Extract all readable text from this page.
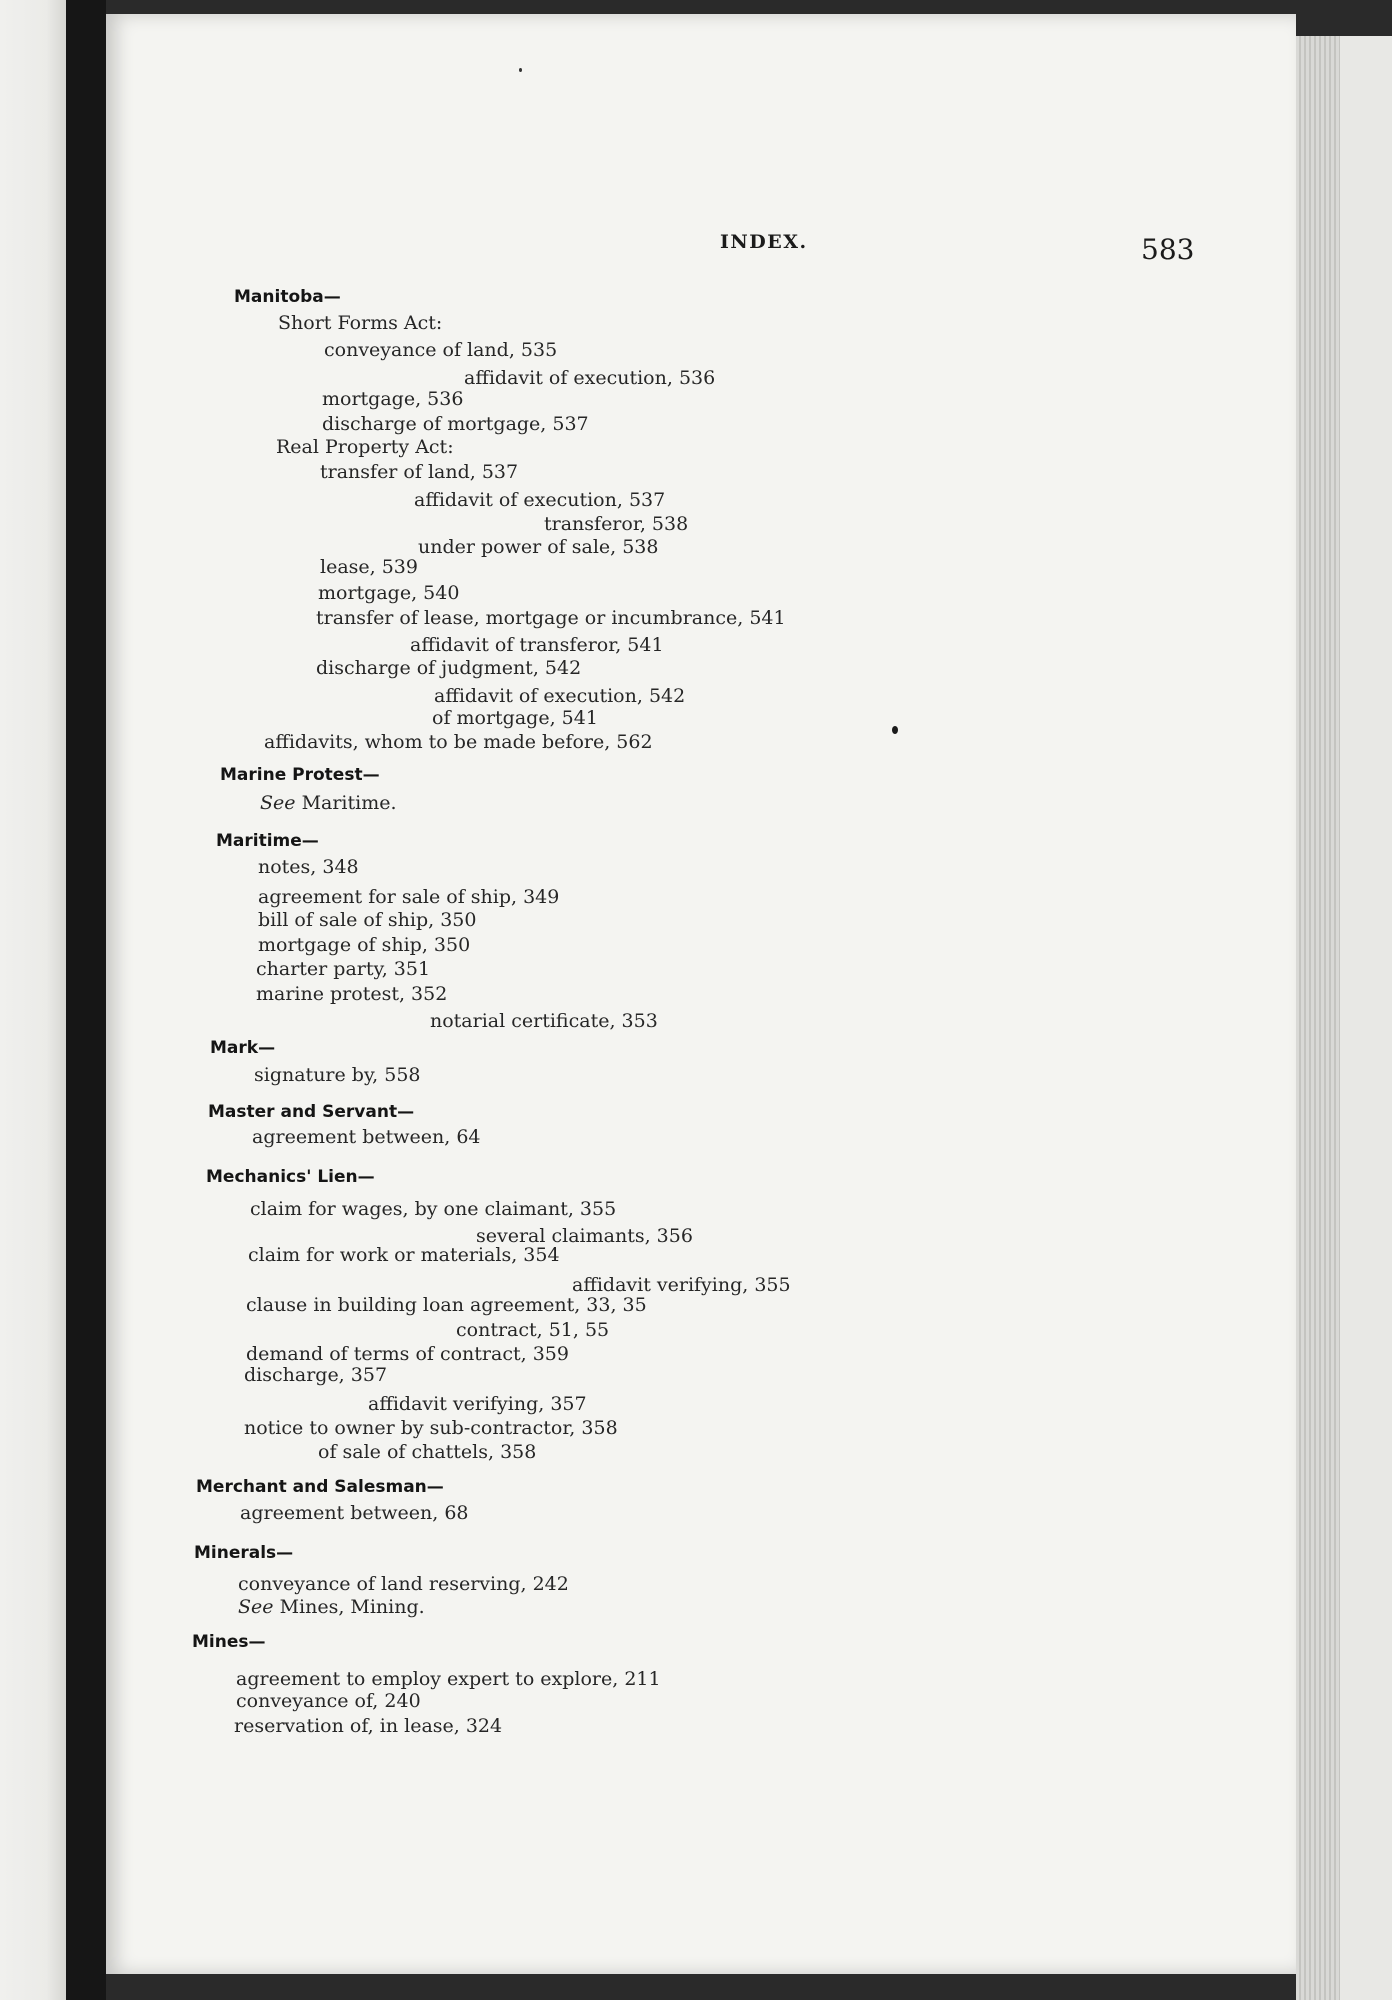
INDEX.	583
Manitoba—
Short Forms Act:
conveyance of land, 535
affidavit of execution, 536
mortgage, 536
discharge of mortgage, 537
Real Property Act:
transfer of land, 537
affidavit of execution, 537
transferor, 538
under power of sale, 538
lease, 539
mortgage, 540
transfer of lease, mortgage or incumbrance, 541
affidavit of transferor, 541
discharge of judgment, 542
affidavit of execution, 542
of mortgage, 541
affidavits, whom to be made before, 562
Marine Protest—
See Maritime.
Maritime—
notes, 348
agreement for sale of ship, 349
bill of sale of ship, 350
mortgage of ship, 350
charter party, 351
marine protest, 352
notarial certificate, 353
Mark—
signature by, 558
Master and Servant—
agreement between, 64
Mechanics' Lien—
claim for wages, by one claimant, 355
several claimants, 356
claim for work or materials, 354
affidavit verifying, 355
clause in building loan agreement, 33, 35
contract, 51, 55
demand of terms of contract, 359
discharge, 357
affidavit verifying, 357
notice to owner by sub-contractor, 358
of sale of chattels, 358
Merchant and Salesman—
agreement between, 68
Minerals—
conveyance of land reserving, 242
See Mines, Mining.
Mines—
agreement to employ expert to explore, 211
conveyance of, 240
reservation of, in lease, 324
